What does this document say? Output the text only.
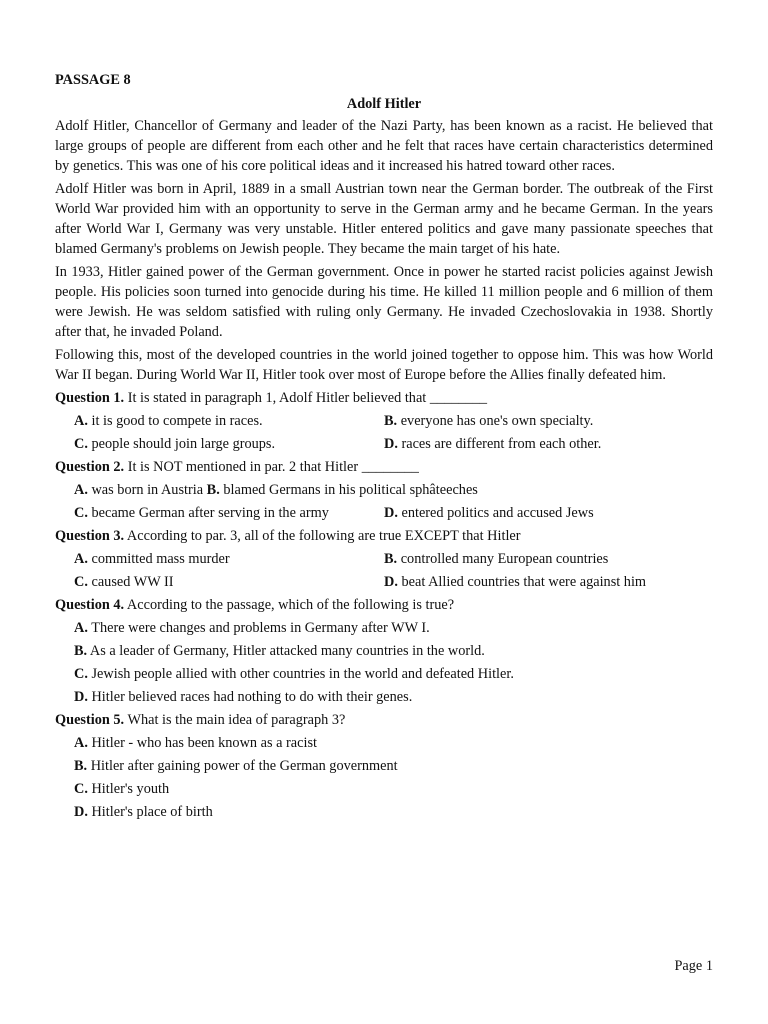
PASSAGE 8
Adolf Hitler

Adolf Hitler, Chancellor of Germany and leader of the Nazi Party, has been known as a racist. He believed that large groups of people are different from each other and he felt that races have certain characteristics determined by genetics. This was one of his core political ideas and it increased his hatred toward other races.

Adolf Hitler was born in April, 1889 in a small Austrian town near the German border. The outbreak of the First World War provided him with an opportunity to serve in the German army and he became German. In the years after World War I, Germany was very unstable. Hitler entered politics and gave many passionate speeches that blamed Germany's problems on Jewish people. They became the main target of his hate.

In 1933, Hitler gained power of the German government. Once in power he started racist policies against Jewish people. His policies soon turned into genocide during his time. He killed 11 million people and 6 million of them were Jewish. He was seldom satisfied with ruling only Germany. He invaded Czechoslovakia in 1938. Shortly after that, he invaded Poland.

Following this, most of the developed countries in the world joined together to oppose him. This was how World War II began. During World War II, Hitler took over most of Europe before the Allies finally defeated him.

Question 1. It is stated in paragraph 1, Adolf Hitler believed that ________
A. it is good to compete in races.	B. everyone has one's own specialty.
C. people should join large groups.	D. races are different from each other.
Question 2. It is NOT mentioned in par. 2 that Hitler ________
A. was born in Austria B. blamed Germans in his political sphâteeches
C. became German after serving in the army	D. entered politics and accused Jews
Question 3. According to par. 3, all of the following are true EXCEPT that Hitler
A. committed mass murder	B. controlled many European countries
C. caused WW II	D. beat Allied countries that were against him
Question 4. According to the passage, which of the following is true?
A. There were changes and problems in Germany after WW I.
B. As a leader of Germany, Hitler attacked many countries in the world.
C. Jewish people allied with other countries in the world and defeated Hitler.
D. Hitler believed races had nothing to do with their genes.
Question 5. What is the main idea of paragraph 3?
A. Hitler - who has been known as a racist
B. Hitler after gaining power of the German government
C. Hitler's youth
D. Hitler's place of birth
Page 1
